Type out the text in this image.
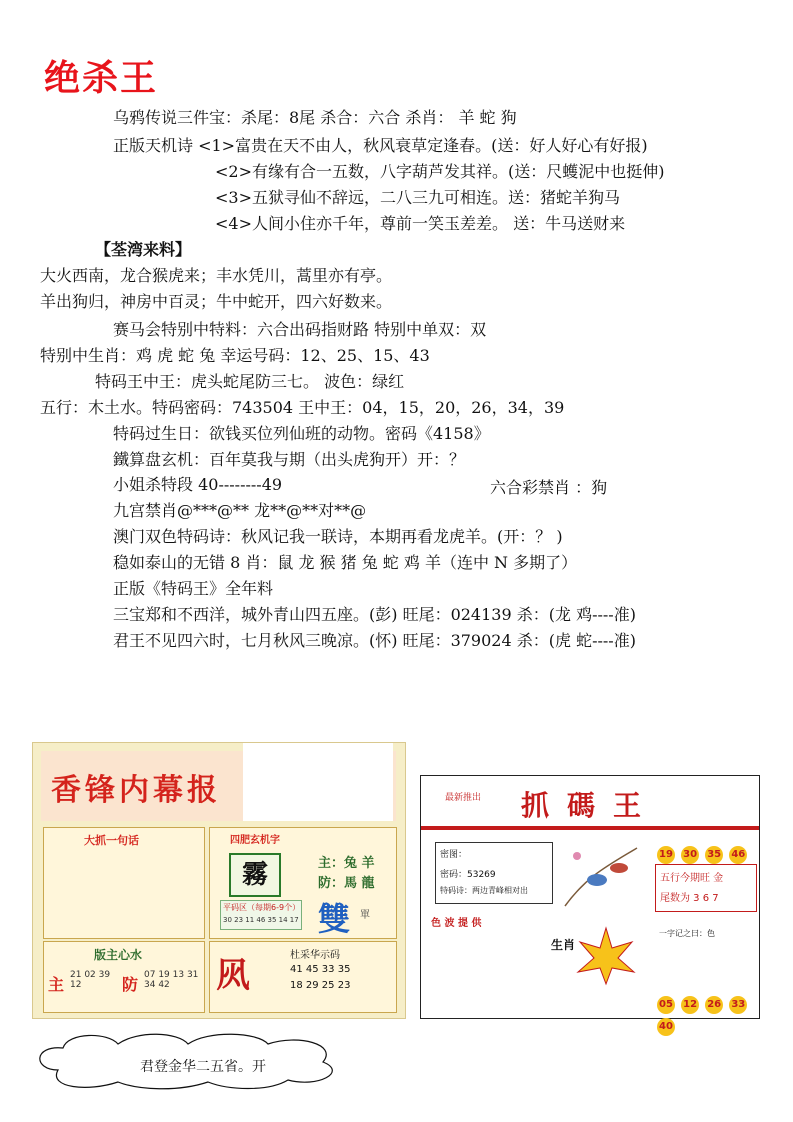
绝杀王
乌鸦传说三件宝：杀尾：8尾 杀合：六合 杀肖： 羊 蛇 狗
正版天机诗 <1>富贵在天不由人，秋风衰草定逢春。(送：好人好心有好报)
<2>有缘有合一五数，八字葫芦发其祥。(送：尺蠖泥中也挺伸)
<3>五狱寻仙不辞远，二八三九可相连。送：猪蛇羊狗马
<4>人间小住亦千年，尊前一笑玉差差。 送：牛马送财来
【荃湾来料】
大火西南，龙合猴虎来；丰水凭川，蒿里亦有亭。
羊出狗归，神房中百灵；牛中蛇开，四六好数来。
赛马会特别中特料：六合出码指财路 特别中单双：双
特别中生肖：鸡 虎 蛇 兔 幸运号码：12、25、15、43
特码王中王：虎头蛇尾防三七。 波色：绿红
五行：木土水。特码密码：743504 王中王：04，15，20，26，34，39
特码过生日：欲钱买位列仙班的动物。密码《4158》
鐵算盘玄机：百年莫我与期（出头虎狗开）开：？
小姐杀特段 40--------49	六合彩禁肖 ：狗
九宫禁肖@***@** 龙**@**对**@
澳门双色特码诗：秋风记我一联诗，本期再看龙虎羊。(开：？ )
稳如泰山的无错 8 肖：鼠 龙 猴 猪 兔 蛇 鸡 羊（连中 N 多期了）
正版《特码王》全年料
三宝郑和不西洋，城外青山四五座。(彭) 旺尾：024139 杀：(龙 鸡----准)
君王不见四六时，七月秋风三晚凉。(怀) 旺尾：379024 杀：(虎 蛇----准)
香锋内幕报
大抓一句话	四肥玄机字
主：兔 羊
防：馬 龍
平码区（每期6-9个）
30 23 11 46 35 14 17 雙 單
版主心水
主 21 02 39 12	防 07 19 13 31 34 42	㶡
杜采华示码
41 45 33 35
18 29 25 23
霧
最新推出 抓碼王
密图：
密码：53269
特码诗：两边青峰相对出
19 30 35 46
五行今期旺 金
尾数为 3 6 7
色 波 提 供
生肖
一字记之曰：色
05 12 26 33 40
君登金华二五省。开
